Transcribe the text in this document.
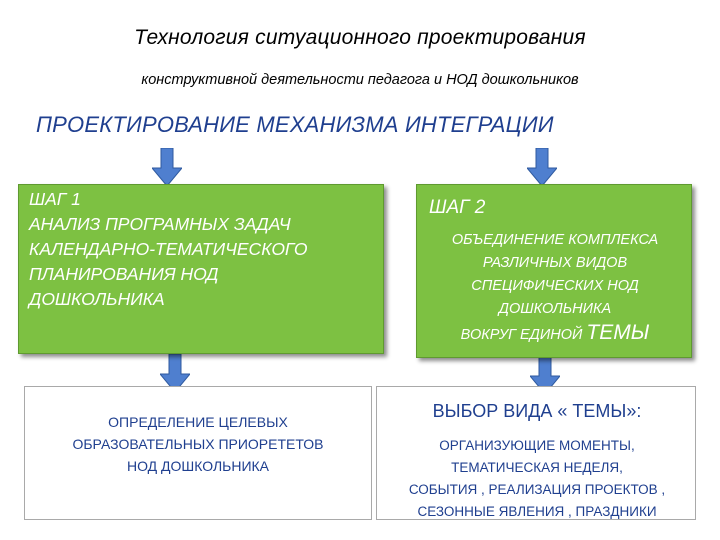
Технология ситуационного проектирования
конструктивной деятельности педагога и НОД дошкольников
ПРОЕКТИРОВАНИЕ МЕХАНИЗМА ИНТЕГРАЦИИ
ШАГ 1
АНАЛИЗ ПРОГРАМНЫХ ЗАДАЧ
КАЛЕНДАРНО-ТЕМАТИЧЕСКОГО
ПЛАНИРОВАНИЯ НОД
ДОШКОЛЬНИКА
ШАГ 2
ОБЪЕДИНЕНИЕ КОМПЛЕКСА
РАЗЛИЧНЫХ ВИДОВ
СПЕЦИФИЧЕСКИХ НОД
ДОШКОЛЬНИКА
ВОКРУГ ЕДИНОЙ ТЕМЫ
ОПРЕДЕЛЕНИЕ ЦЕЛЕВЫХ
ОБРАЗОВАТЕЛЬНЫХ ПРИОРЕТЕТОВ
НОД ДОШКОЛЬНИКА
ВЫБОР ВИДА « ТЕМЫ»:
ОРГАНИЗУЮЩИЕ МОМЕНТЫ,
ТЕМАТИЧЕСКАЯ НЕДЕЛЯ,
СОБЫТИЯ , РЕАЛИЗАЦИЯ ПРОЕКТОВ ,
СЕЗОННЫЕ ЯВЛЕНИЯ , ПРАЗДНИКИ
